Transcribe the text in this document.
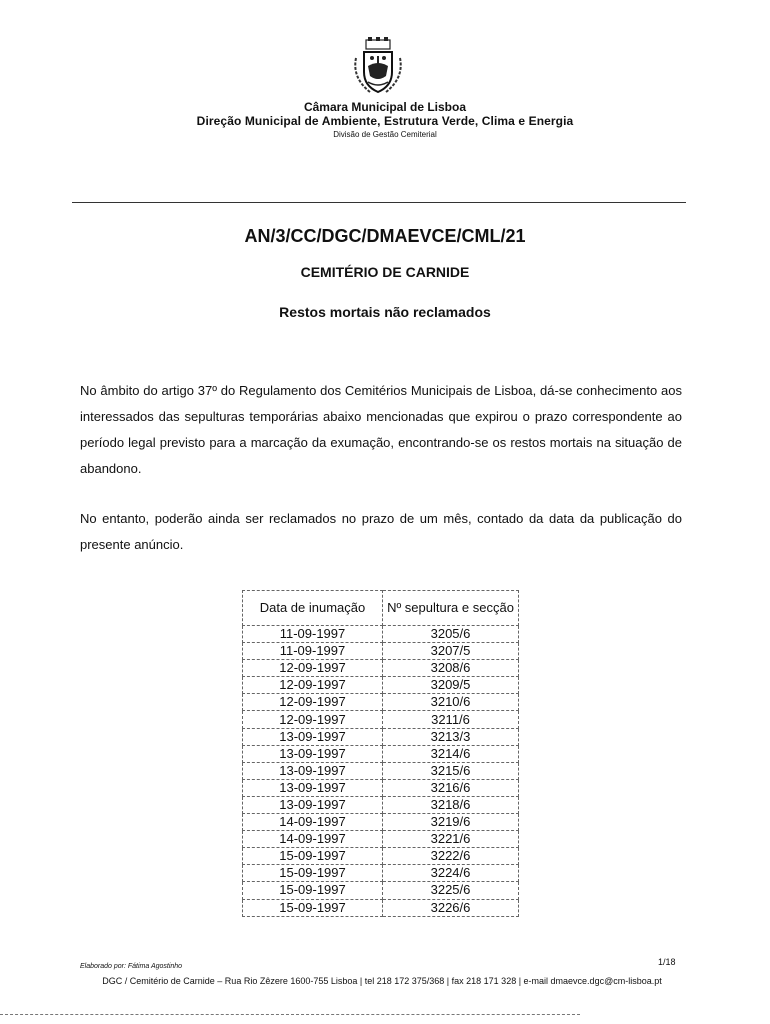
Câmara Municipal de Lisboa
Direção Municipal de Ambiente, Estrutura Verde, Clima e Energia
Divisão de Gestão Cemiterial
AN/3/CC/DGC/DMAEVCE/CML/21
CEMITÉRIO DE CARNIDE
Restos mortais não reclamados
No âmbito do artigo 37º do Regulamento dos Cemitérios Municipais de Lisboa, dá-se conhecimento aos interessados das sepulturas temporárias abaixo mencionadas que expirou o prazo correspondente ao período legal previsto para a marcação da exumação, encontrando-se os restos mortais na situação de abandono.
No entanto, poderão ainda ser reclamados no prazo de um mês, contado da data da publicação do presente anúncio.
Data de inumação	Nº sepultura e secção
11-09-1997	3205/6
11-09-1997	3207/5
12-09-1997	3208/6
12-09-1997	3209/5
12-09-1997	3210/6
12-09-1997	3211/6
13-09-1997	3213/3
13-09-1997	3214/6
13-09-1997	3215/6
13-09-1997	3216/6
13-09-1997	3218/6
14-09-1997	3219/6
14-09-1997	3221/6
15-09-1997	3222/6
15-09-1997	3224/6
15-09-1997	3225/6
15-09-1997	3226/6
1/18
Elaborado por: Fátima Agostinho
DGC / Cemitério de Carnide – Rua Rio Zêzere 1600-755 Lisboa | tel 218 172 375/368 | fax 218 171 328 | e-mail dmaevce.dgc@cm-lisboa.pt
